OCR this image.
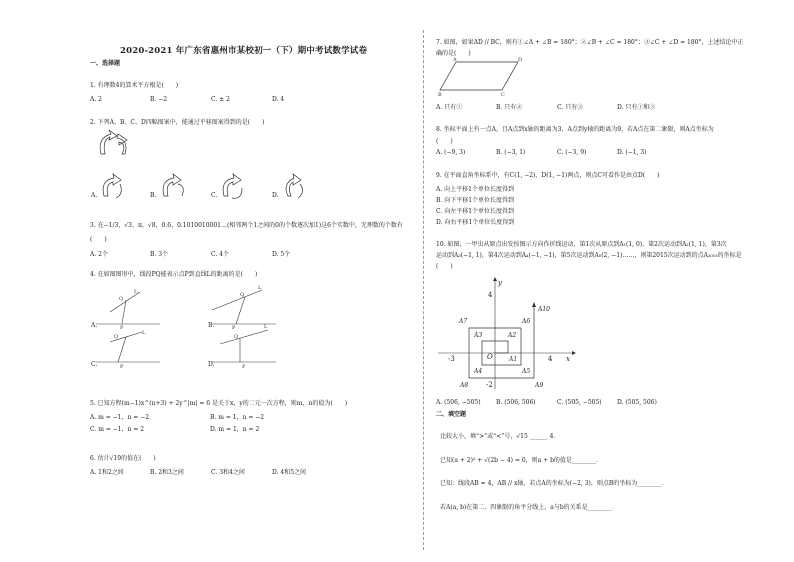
2020-2021 年广东省惠州市某校初一（下）期中考试数学试卷
一、选择题
1. 有理数4的算术平方根是(　　)
A. 2	B. −2	C. ± 2	D. 4
2. 下列A、B、C、D四幅图案中，能通过平移图案得到的是(　　)
A.	B.	C.	D.
3. 在−1/3，√3，π，√8，0.6，0.1010010001…(相邻两个1之间的0的个数逐次加1)这6个实数中，无理数的个数有
(　　)
A. 2个	B. 3个	C. 4个	D. 5个
4. 在如图图形中，线段PQ能表示点P到直线L的距离的是(　　)
L
Q
P
L
Q
P
Q
L
P
Q
L
P
A.	B.
C.	D.
5. 已知方程(m−1)x^(n+3) + 2y^|m| = 6 是关于x，y的二元一次方程，则m，n的值为(　　)
A. m = −1，n = −2	B. m = 1，n = −2
C. m = −1，n = 2	D. m = 1，n = 2
6. 估计√19的值在(　　)
A. 1和2之间	B. 2和3之间	C. 3和4之间	D. 4和5之间
7. 如图，如果AD // BC，则有①∠A + ∠B = 180°；②∠B + ∠C = 180°；③∠C + ∠D = 180°，上述结论中正
确的是(　　)
A	D
B	C
A. 只有①	B. 只有②	C. 只有③	D. 只有①和③
8. 坐标平面上有一点A，且A点到x轴的距离为3，A点到y轴的距离为9，若A点在第二象限，则A点坐标为
(　　)
A. (−9, 3)	B. (−3, 1)	C. (−3, 9)	D. (−1, 3)
9. 在平面直角坐标系中，有C(1, −2)、D(1, −1)两点，则点C可看作是由点D(　　)
A. 向上平移1个单位长度得到
B. 向下平移1个单位长度得到
C. 向左平移1个单位长度得到
D. 向右平移1个单位长度得到
10. 如图，一甲虫从原点出发按图示方向作折线运动，第1次从原点到A₁(1, 0)，第2次运动到A₂(1, 1)，第3次
运动到A₃(−1, 1)，第4次运动到A₄(−1, −1)，第5次运动到A₅(2, −1)……，则第2015次运动到的点A₂₀₁₅的坐标是
(　　)
x
y
O
4
-3	4
-2
A10
A7	A6
A3	A2
A1
A4	A5
A8	A9
A. (506, −505)	B. (506, 506)	C. (505, −505)	D. (505, 506)
二、填空题
比较大小，填“>”或“<”号，√15 ______ 4．
已知(a + 2)² + √(2b − 4) = 0，则a + b的值是________．
已知：线段AB = 4，AB // x轴，若点A的坐标为(−2, 3)，则点B的坐标为________．
若A(a, b)在第二、四象限的角平分线上，a与b的关系是________．
